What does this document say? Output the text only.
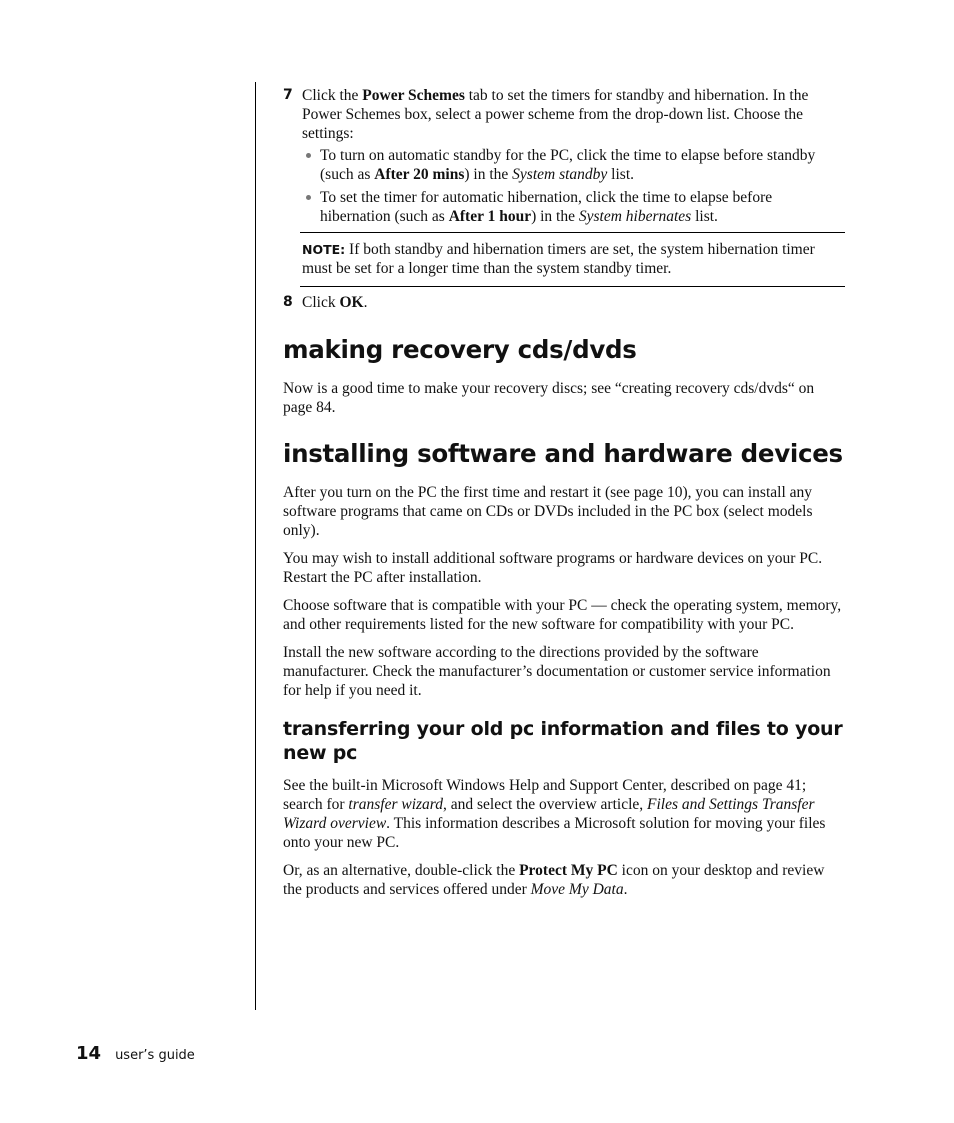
7 Click the Power Schemes tab to set the timers for standby and hibernation. In the Power Schemes box, select a power scheme from the drop-down list. Choose the settings:

To turn on automatic standby for the PC, click the time to elapse before standby (such as After 20 mins) in the System standby list.
To set the timer for automatic hibernation, click the time to elapse before hibernation (such as After 1 hour) in the System hibernates list.
NOTE: If both standby and hibernation timers are set, the system hibernation timer must be set for a longer time than the system standby timer.
8 Click OK.

making recovery cds/dvds

Now is a good time to make your recovery discs; see “creating recovery cds/dvds“ on page 84.

installing software and hardware devices

After you turn on the PC the first time and restart it (see page 10), you can install any software programs that came on CDs or DVDs included in the PC box (select models only).

You may wish to install additional software programs or hardware devices on your PC. Restart the PC after installation.

Choose software that is compatible with your PC — check the operating system, memory, and other requirements listed for the new software for compatibility with your PC.

Install the new software according to the directions provided by the software manufacturer. Check the manufacturer’s documentation or customer service information for help if you need it.

transferring your old pc information and files to your new pc

See the built-in Microsoft Windows Help and Support Center, described on page 41; search for transfer wizard, and select the overview article, Files and Settings Transfer Wizard overview. This information describes a Microsoft solution for moving your files onto your new PC.

Or, as an alternative, double-click the Protect My PC icon on your desktop and review the products and services offered under Move My Data.

14 user’s guide
